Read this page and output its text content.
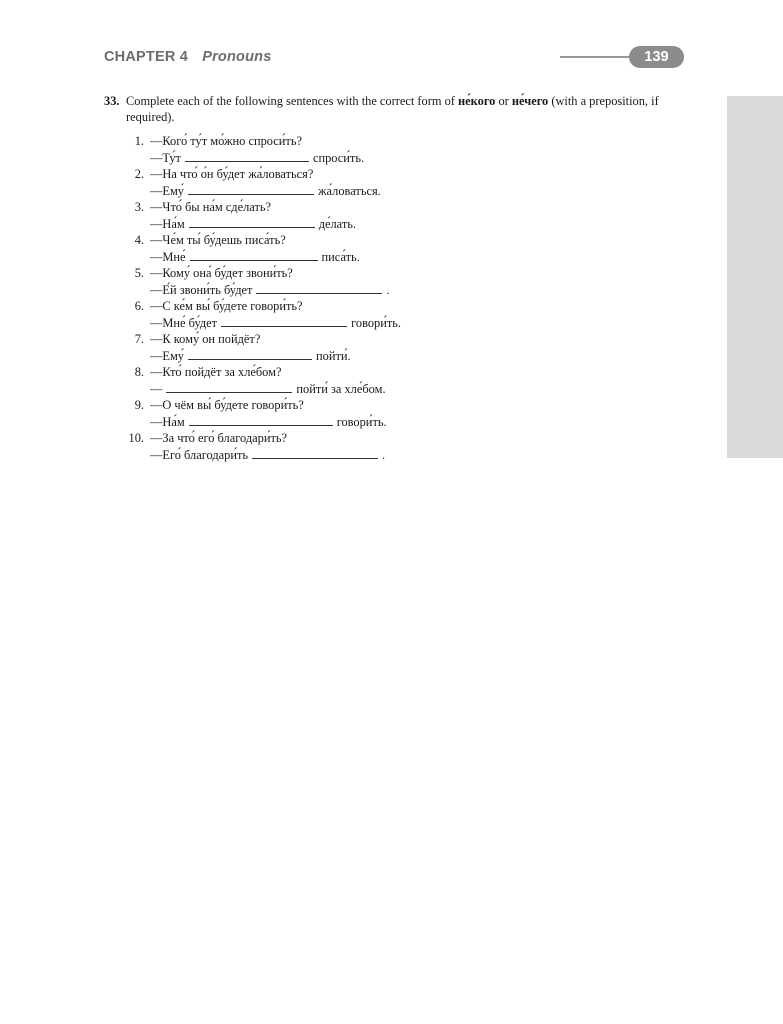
CHAPTER 4 Pronouns	139
33. Complete each of the following sentences with the correct form of не́кого or не́чего (with a preposition, if required).
1. —Кого́ ту́т мо́жно спроси́ть?
—Ту́т	спроси́ть.
2. —На что́ о́н бу́дет жа́ловаться?
—Ему́	жа́ловаться.
3. —Что́ бы на́м сде́лать?
—На́м	де́лать.
4. —Че́м ты́ бу́дешь писа́ть?
—Мне́	писа́ть.
5. —Кому́ она́ бу́дет звони́ть?
—Е́й звони́ть бу́дет	.
6. —С ке́м вы́ бу́дете говори́ть?
—Мне́ бу́дет	говори́ть.
7. —К кому́ он пойдёт?
—Ему́	пойти́.
8. —Кто́ пойдёт за хле́бом?
—	пойти́ за хле́бом.
9. —О чём вы́ бу́дете говори́ть?
—На́м	говори́ть.
10. —За что́ его́ благодари́ть?
—Его́ благодари́ть	.
